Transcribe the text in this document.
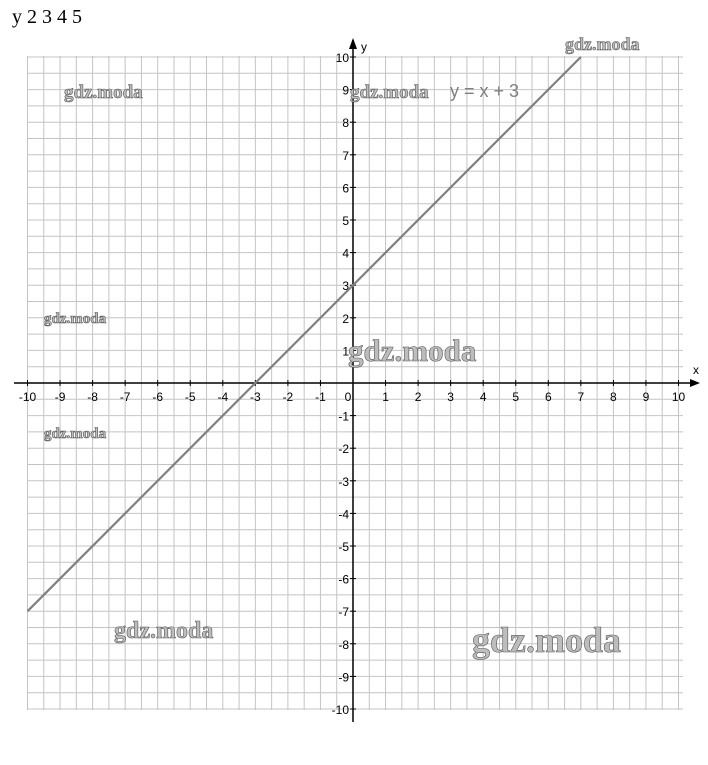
y 2 3 4 5
x
y
-10 -9 -8 -7 -6 -5 -4 -3 -2 -1 0	1 2 3 4 5 6 7 8 9 10
-10
-9
-8
-7
-6
-5
-4
-3
-2
-1
1
2
3
4
5
6
7
8
9
10
y = x + 3
gdz.moda
gdz.moda	gdz.moda
gdz.moda
gdz.moda
gdz.moda
gdz.moda	gdz.moda
